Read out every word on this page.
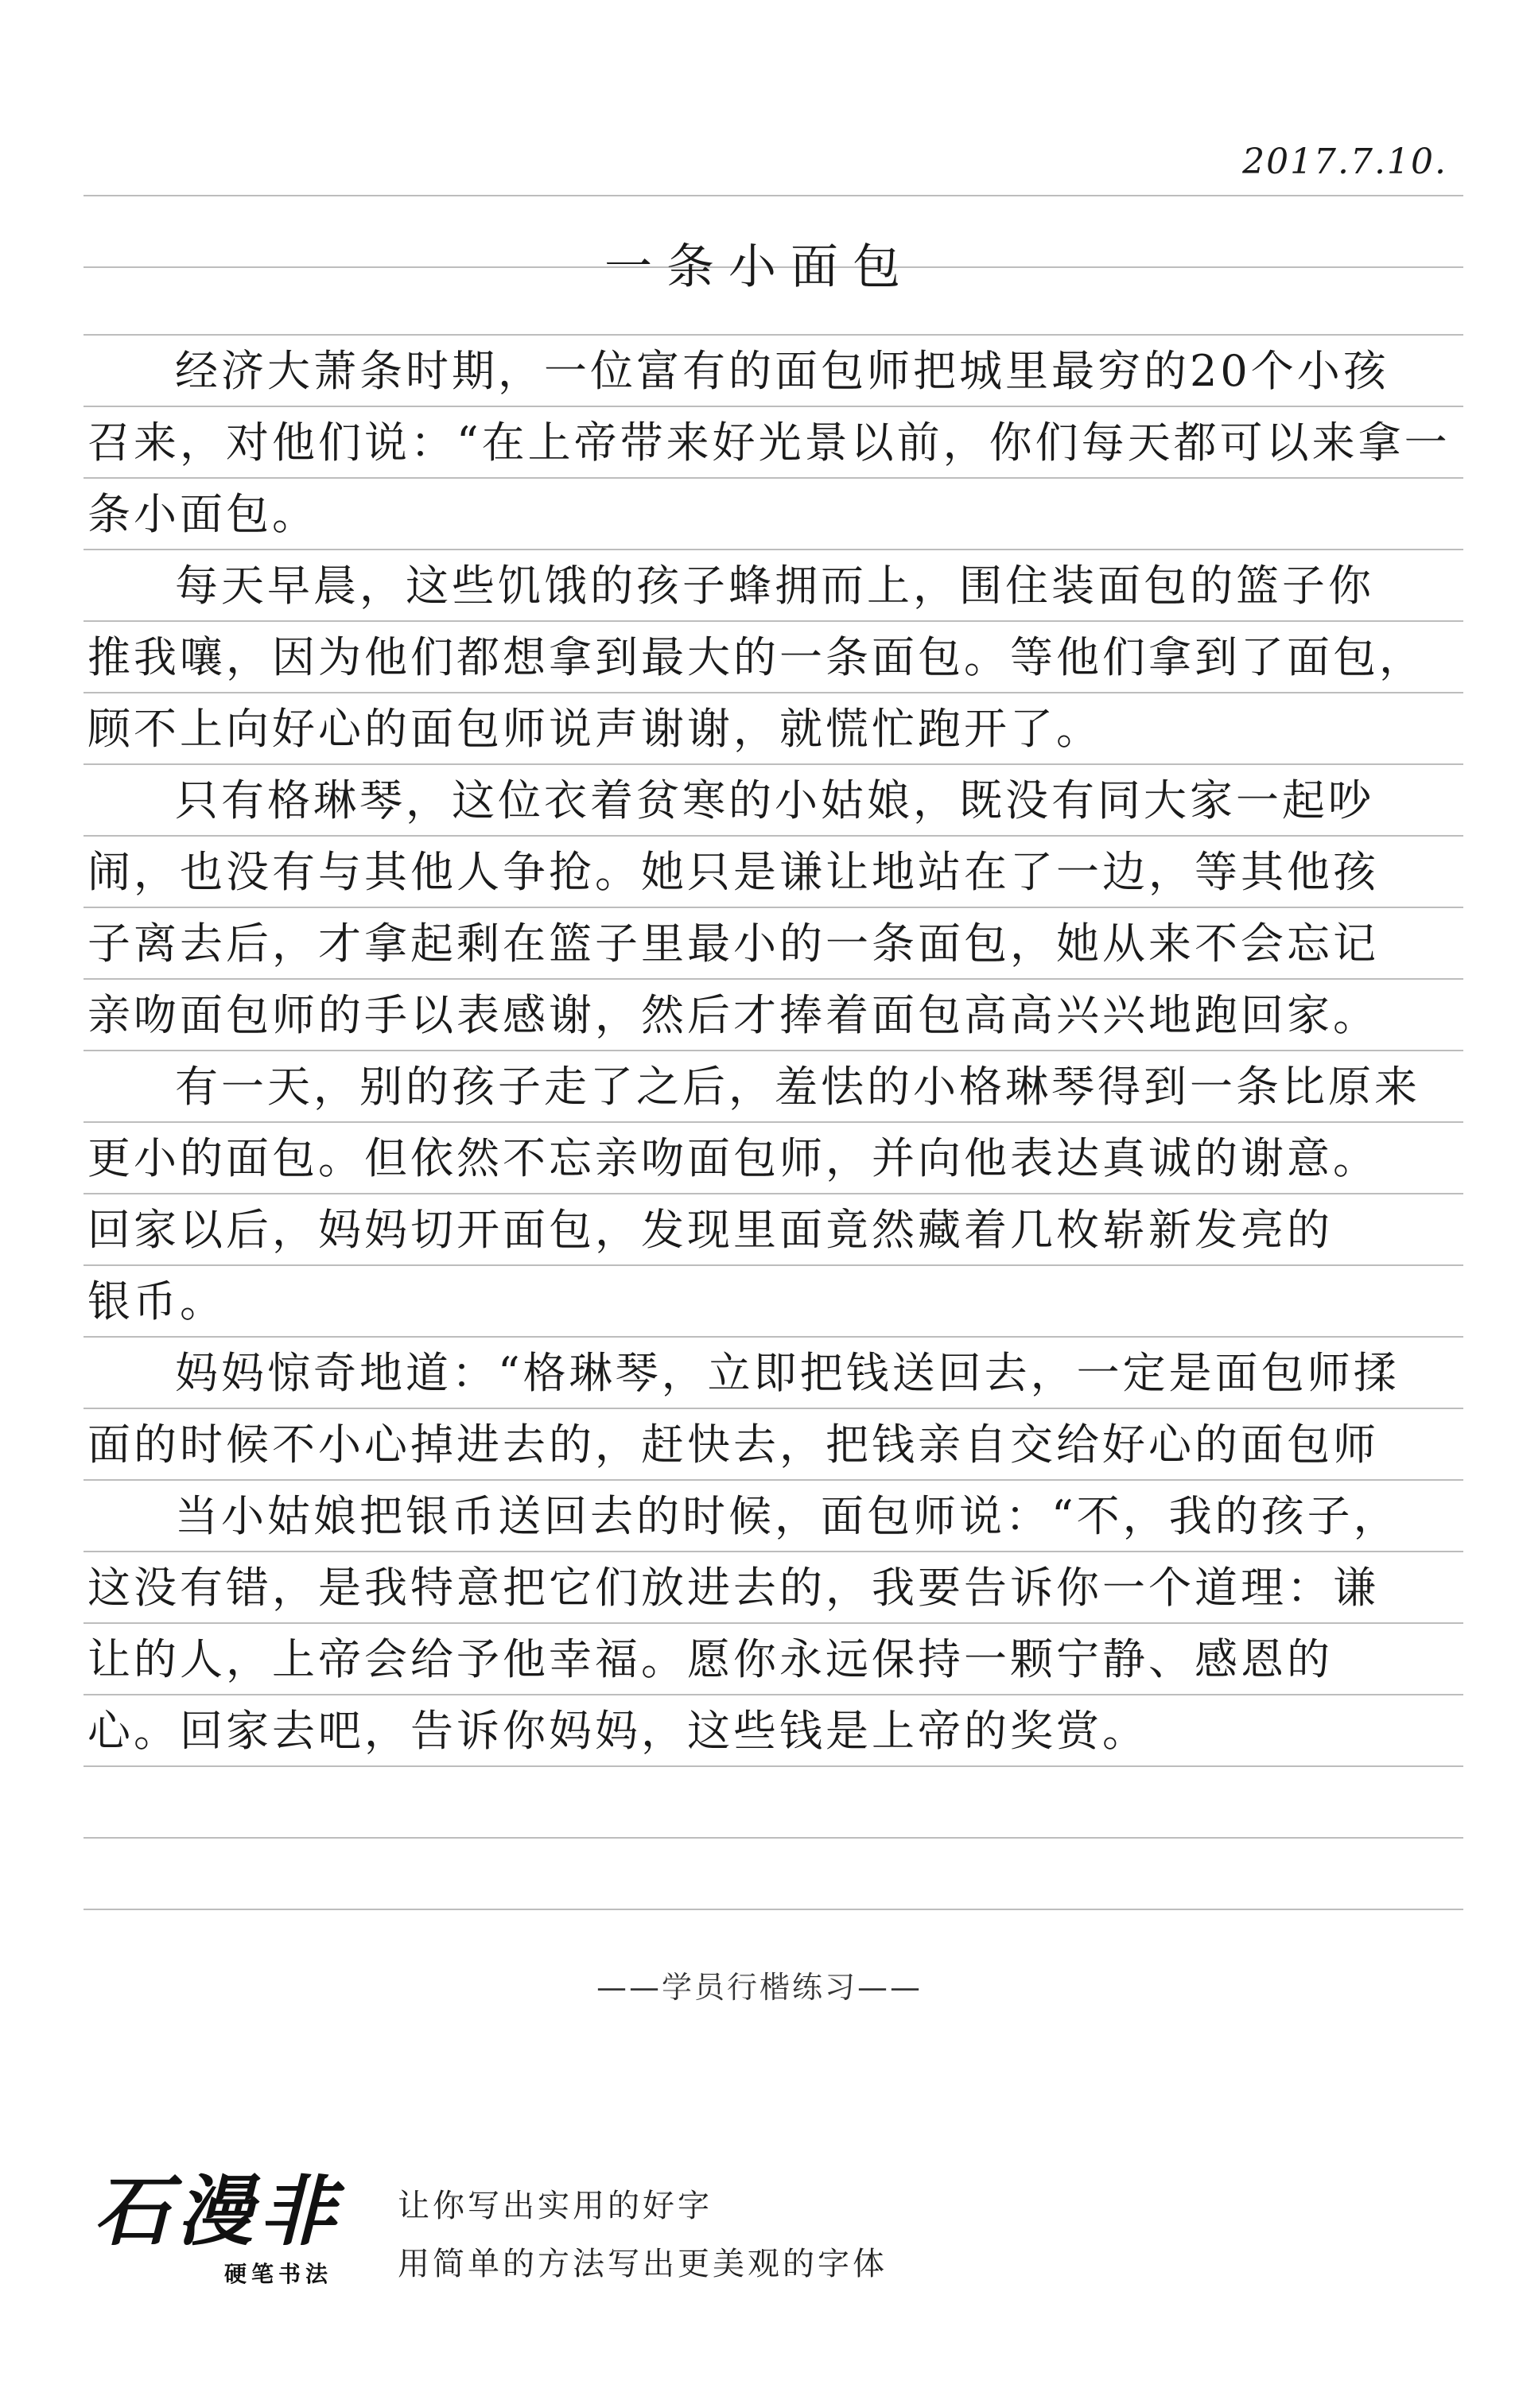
2017.7.10.
一条小面包
经济大萧条时期，一位富有的面包师把城里最穷的20个小孩
召来，对他们说：“在上帝带来好光景以前，你们每天都可以来拿一
条小面包。
每天早晨，这些饥饿的孩子蜂拥而上，围住装面包的篮子你
推我嚷，因为他们都想拿到最大的一条面包。等他们拿到了面包，
顾不上向好心的面包师说声谢谢，就慌忙跑开了。
只有格琳琴，这位衣着贫寒的小姑娘，既没有同大家一起吵
闹，也没有与其他人争抢。她只是谦让地站在了一边，等其他孩
子离去后，才拿起剩在篮子里最小的一条面包，她从来不会忘记
亲吻面包师的手以表感谢，然后才捧着面包高高兴兴地跑回家。
有一天，别的孩子走了之后，羞怯的小格琳琴得到一条比原来
更小的面包。但依然不忘亲吻面包师，并向他表达真诚的谢意。
回家以后，妈妈切开面包，发现里面竟然藏着几枚崭新发亮的
银币。
妈妈惊奇地道：“格琳琴，立即把钱送回去，一定是面包师揉
面的时候不小心掉进去的，赶快去，把钱亲自交给好心的面包师
当小姑娘把银币送回去的时候，面包师说：“不，我的孩子，
这没有错，是我特意把它们放进去的，我要告诉你一个道理：谦
让的人，上帝会给予他幸福。愿你永远保持一颗宁静、感恩的
心。回家去吧，告诉你妈妈，这些钱是上帝的奖赏。
——学员行楷练习——
石漫非
硬笔书法
让你写出实用的好字
用简单的方法写出更美观的字体
